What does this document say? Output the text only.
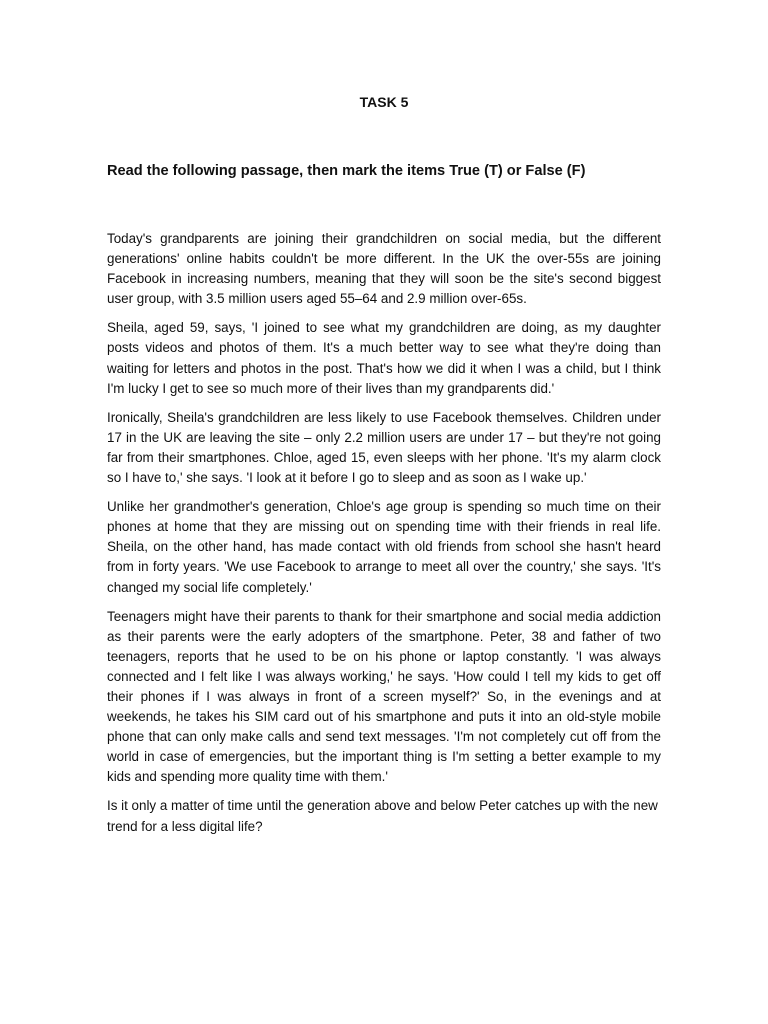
TASK 5
Read the following passage, then mark the items True (T) or False (F)

Today's grandparents are joining their grandchildren on social media, but the different generations' online habits couldn't be more different. In the UK the over-55s are joining Facebook in increasing numbers, meaning that they will soon be the site's second biggest user group, with 3.5 million users aged 55–64 and 2.9 million over-65s.

Sheila, aged 59, says, 'I joined to see what my grandchildren are doing, as my daughter posts videos and photos of them. It's a much better way to see what they're doing than waiting for letters and photos in the post. That's how we did it when I was a child, but I think I'm lucky I get to see so much more of their lives than my grandparents did.'

Ironically, Sheila's grandchildren are less likely to use Facebook themselves. Children under 17 in the UK are leaving the site – only 2.2 million users are under 17 – but they're not going far from their smartphones. Chloe, aged 15, even sleeps with her phone. 'It's my alarm clock so I have to,' she says. 'I look at it before I go to sleep and as soon as I wake up.'

Unlike her grandmother's generation, Chloe's age group is spending so much time on their phones at home that they are missing out on spending time with their friends in real life. Sheila, on the other hand, has made contact with old friends from school she hasn't heard from in forty years. 'We use Facebook to arrange to meet all over the country,' she says. 'It's changed my social life completely.'

Teenagers might have their parents to thank for their smartphone and social media addiction as their parents were the early adopters of the smartphone. Peter, 38 and father of two teenagers, reports that he used to be on his phone or laptop constantly. 'I was always connected and I felt like I was always working,' he says. 'How could I tell my kids to get off their phones if I was always in front of a screen myself?' So, in the evenings and at weekends, he takes his SIM card out of his smartphone and puts it into an old-style mobile phone that can only make calls and send text messages. 'I'm not completely cut off from the world in case of emergencies, but the important thing is I'm setting a better example to my kids and spending more quality time with them.'

Is it only a matter of time until the generation above and below Peter catches up with the new trend for a less digital life?
